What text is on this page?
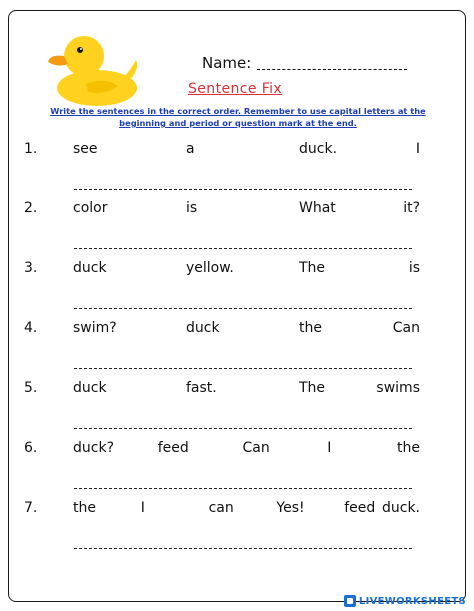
Name:
Sentence Fix
Write the sentences in the correct order. Remember to use capital letters at the beginning and period or question mark at the end.
1.	see	a	duck.	I
2.	color	is	What	it?
3.	duck	yellow.	The	is
4.	swim?	duck	the	Can
5.	duck	fast.	The	swims
6.	duck?	feed	Can	I	the
7.	the	I	can	Yes!	feed duck.
LIVEWORKSHEETS
